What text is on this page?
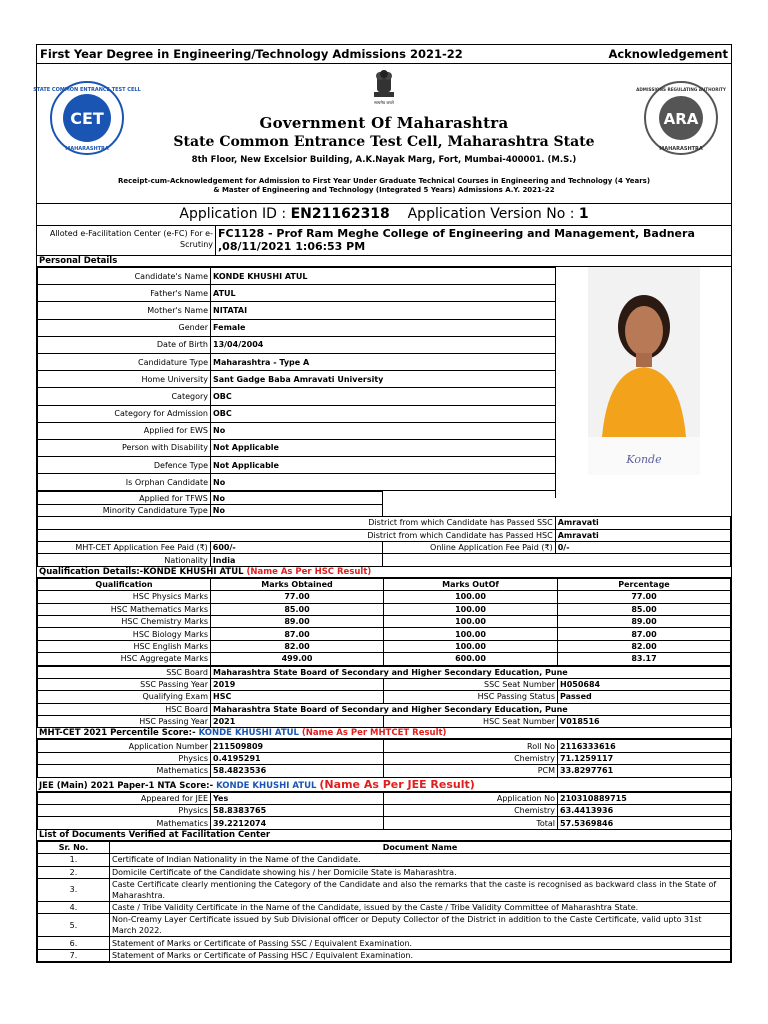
First Year Degree in Engineering/Technology Admissions 2021-22	Acknowledgement
CET
STATE COMMON ENTRANCE TEST CELL
MAHARASHTRA
सत्यमेव जयते
ARA
ADMISSIONS REGULATING AUTHORITY
MAHARASHTRA
Government Of Maharashtra
State Common Entrance Test Cell, Maharashtra State
8th Floor, New Excelsior Building, A.K.Nayak Marg, Fort, Mumbai-400001. (M.S.)
Receipt-cum-Acknowledgement for Admission to First Year Under Graduate Technical Courses in Engineering and Technology (4 Years) & Master of Engineering and Technology (Integrated 5 Years) Admissions A.Y. 2021-22
Application ID : EN21162318 Application Version No : 1
Alloted e-Facilitation Center (e-FC) For e-Scrutiny
FC1128 - Prof Ram Meghe College of Engineering and Management, Badnera ,08/11/2021 1:06:53 PM
Personal Details
Candidate's Name	KONDE KHUSHI ATUL	
Father's Name	ATUL	
Mother's Name	NITATAI	
Gender	Female	
Date of Birth	13/04/2004	
Candidature Type	Maharashtra - Type A	
Home University	Sant Gadge Baba Amravati University	
Category	OBC	
Category for Admission	OBC	
Applied for EWS	No	
Person with Disability	Not Applicable	
Defence Type	Not Applicable	
Is Orphan Candidate	No	
Konde
Applied for TFWS	No		
Minority Candidature Type	No		
District from which Candidate has Passed SSC			Amravati
District from which Candidate has Passed HSC			Amravati
MHT-CET Application Fee Paid (₹)	600/-	Online Application Fee Paid (₹)	0/-
Nationality	India		
Qualification Details:-KONDE KHUSHI ATUL (Name As Per HSC Result)
Qualification	Marks Obtained	Marks OutOf	Percentage
HSC Physics Marks	77.00	100.00	77.00
HSC Mathematics Marks	85.00	100.00	85.00
HSC Chemistry Marks	89.00	100.00	89.00
HSC Biology Marks	87.00	100.00	87.00
HSC English Marks	82.00	100.00	82.00
HSC Aggregate Marks	499.00	600.00	83.17
SSC Board	Maharashtra State Board of Secondary and Higher Secondary Education, Pune		
SSC Passing Year	2019	SSC Seat Number	H050684
Qualifying Exam	HSC	HSC Passing Status	Passed
HSC Board	Maharashtra State Board of Secondary and Higher Secondary Education, Pune		
HSC Passing Year	2021	HSC Seat Number	V018516
MHT-CET 2021 Percentile Score:- KONDE KHUSHI ATUL (Name As Per MHTCET Result)
Application Number	211509809	Roll No	2116333616
Physics	0.4195291	Chemistry	71.1259117
Mathematics	58.4823536	PCM	33.8297761
JEE (Main) 2021 Paper-1 NTA Score:- KONDE KHUSHI ATUL (Name As Per JEE Result)
Appeared for JEE	Yes	Application No	210310889715
Physics	58.8383765	Chemistry	63.4413936
Mathematics	39.2212074	Total	57.5369846
List of Documents Verified at Facilitation Center
Sr. No.	Document Name
1.	Certificate of Indian Nationality in the Name of the Candidate.
2.	Domicile Certificate of the Candidate showing his / her Domicile State is Maharashtra.
3.	Caste Certificate clearly mentioning the Category of the Candidate and also the remarks that the caste is recognised as backward class in the State of Maharashtra.
4.	Caste / Tribe Validity Certificate in the Name of the Candidate, issued by the Caste / Tribe Validity Committee of Maharashtra State.
5.	Non-Creamy Layer Certificate issued by Sub Divisional officer or Deputy Collector of the District in addition to the Caste Certificate, valid upto 31st March 2022.
6.	Statement of Marks or Certificate of Passing SSC / Equivalent Examination.
7.	Statement of Marks or Certificate of Passing HSC / Equivalent Examination.
